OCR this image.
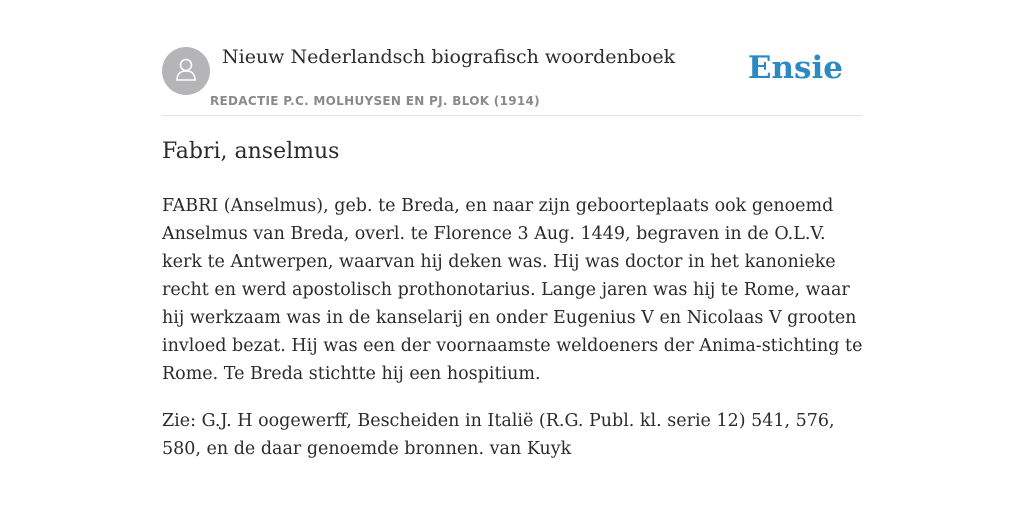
Nieuw Nederlandsch biografisch woordenboek
REDACTIE P.C. MOLHUYSEN EN PJ. BLOK (1914)
Ensie
Fabri, anselmus

FABRI (Anselmus), geb. te Breda, en naar zijn geboorteplaats ook genoemd Anselmus van Breda, overl. te Florence 3 Aug. 1449, begraven in de O.L.V. kerk te Antwerpen, waarvan hij deken was. Hij was doctor in het kanonieke recht en werd apostolisch prothonotarius. Lange jaren was hij te Rome, waar hij werkzaam was in de kanselarij en onder Eugenius V en Nicolaas V grooten invloed bezat. Hij was een der voornaamste weldoeners der Anima-stichting te Rome. Te Breda stichtte hij een hospitium.

Zie: G.J. H oogewerff, Bescheiden in Italië (R.G. Publ. kl. serie 12) 541, 576, 580, en de daar genoemde bronnen. van Kuyk
